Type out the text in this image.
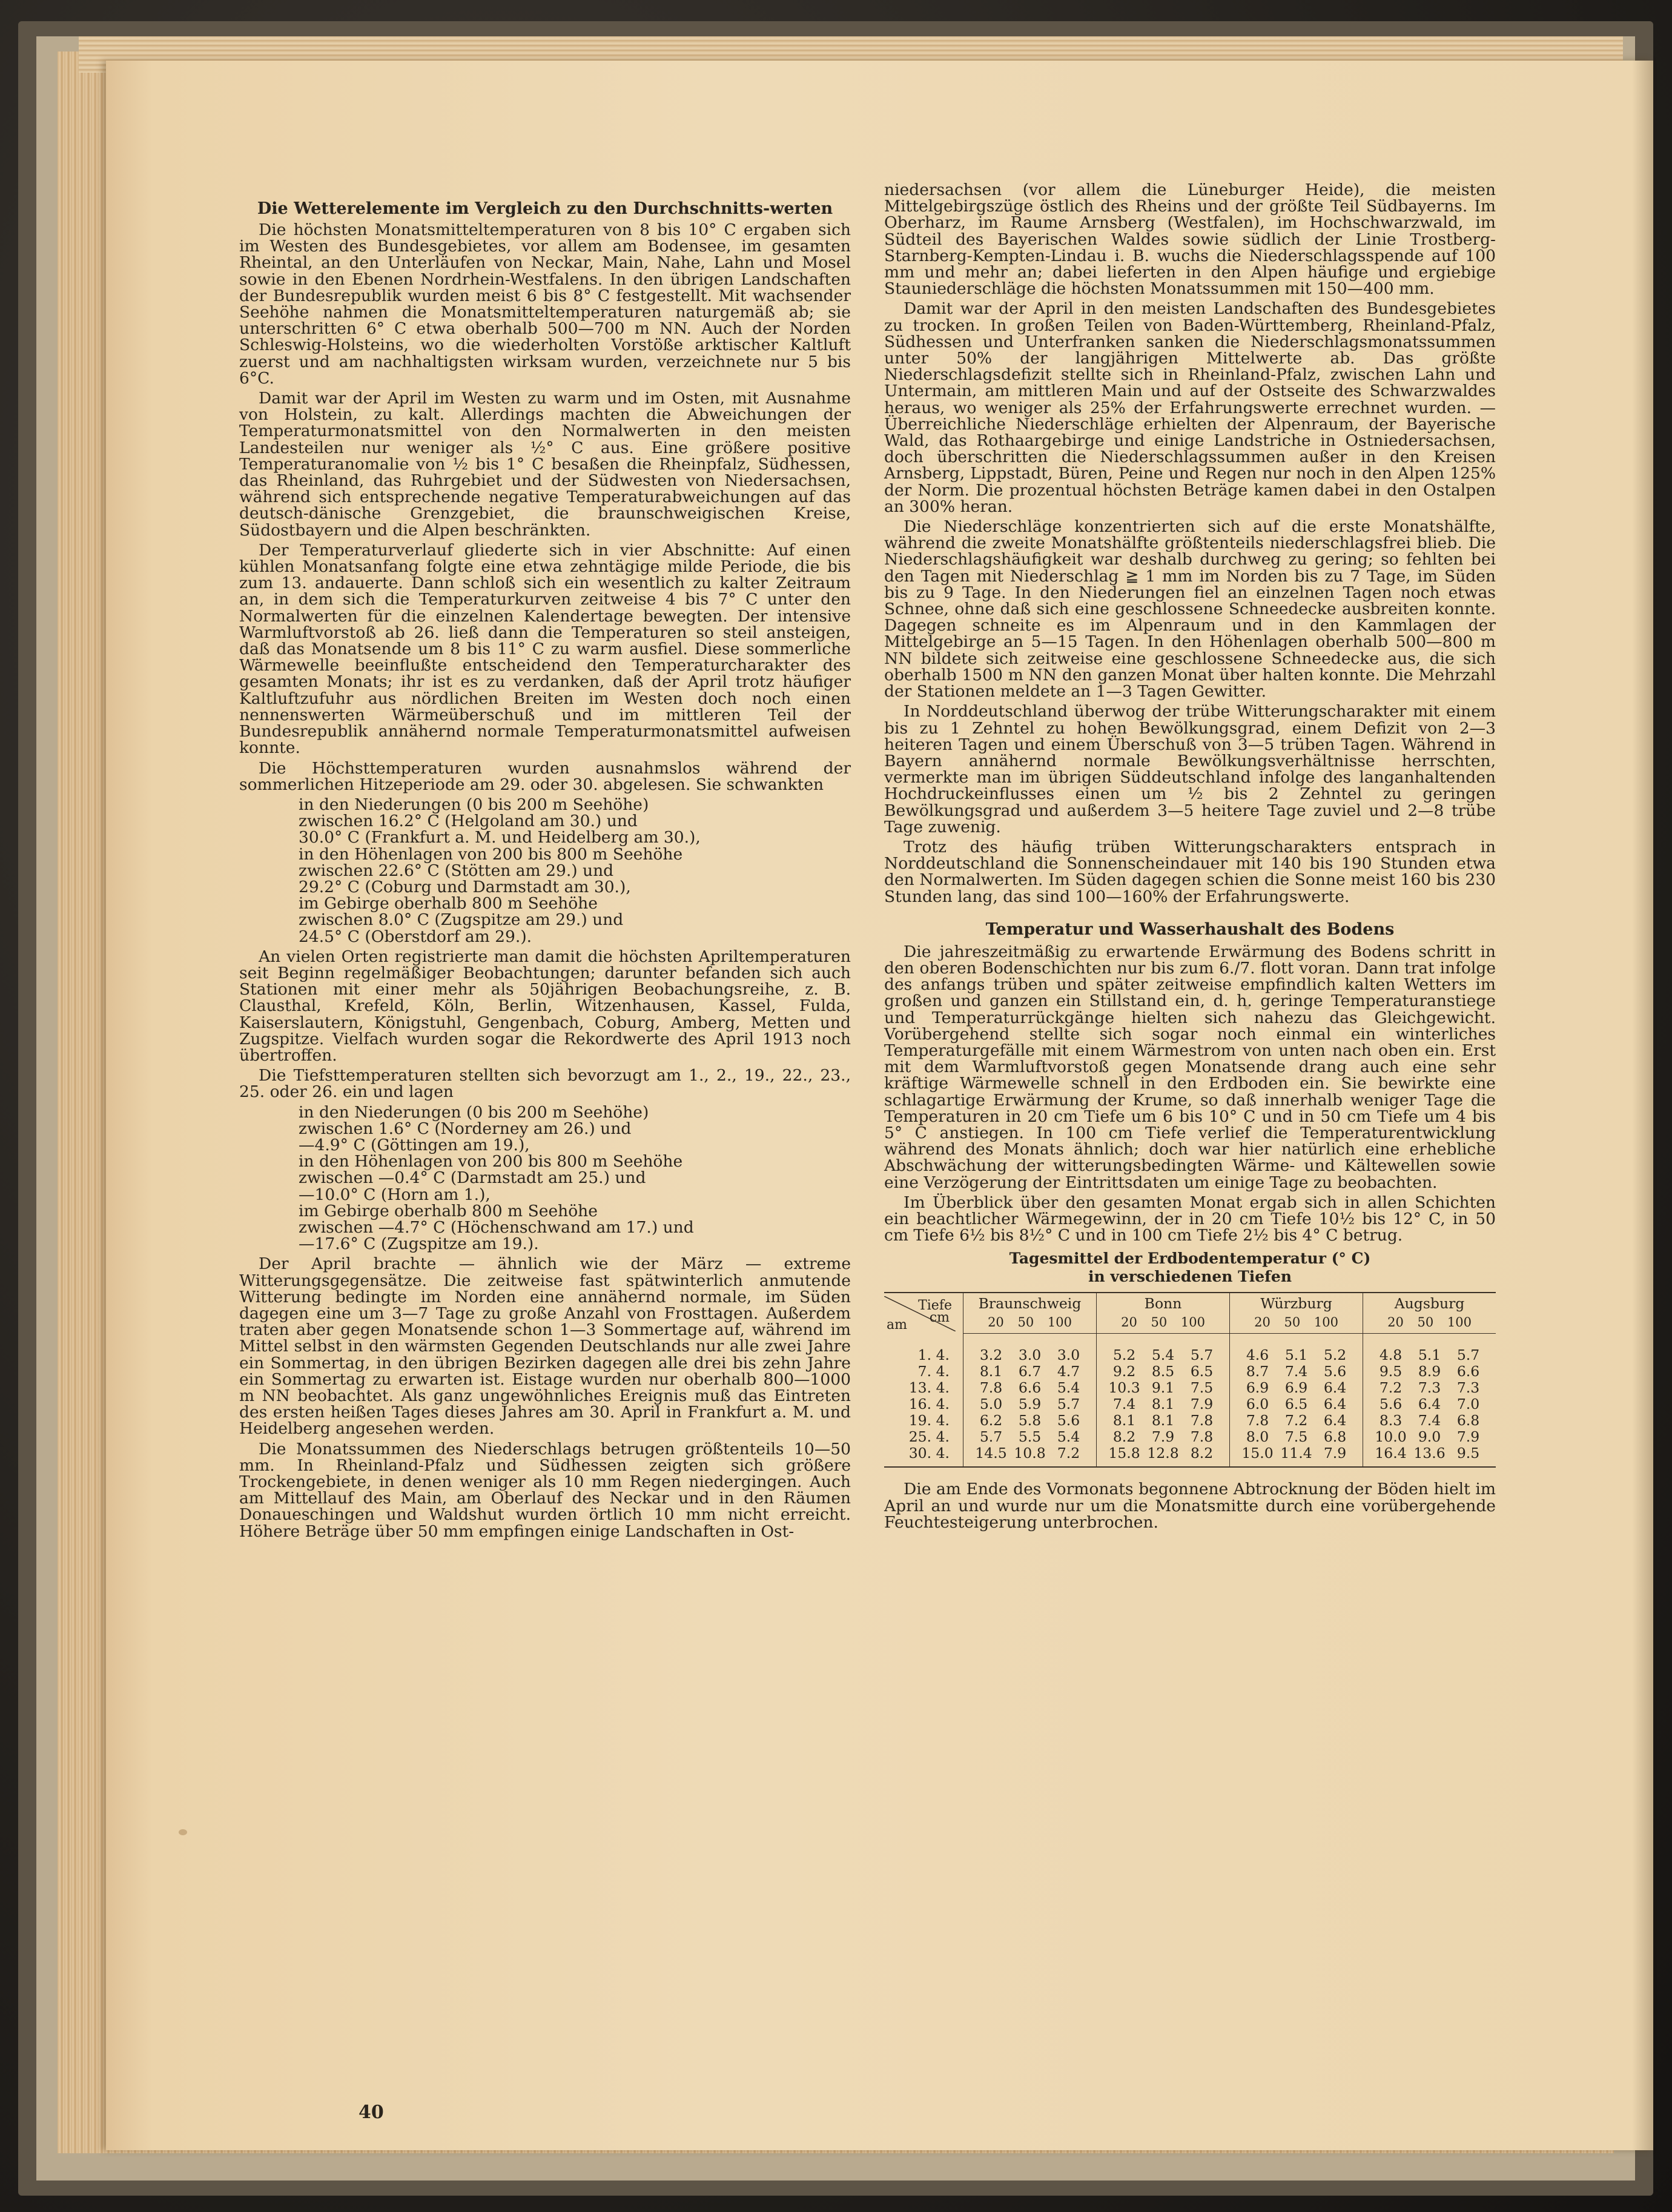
Die Wetterelemente im Vergleich zu den Durchschnitts-werten

Die höchsten Monatsmitteltemperaturen von 8 bis 10° C ergaben sich im Westen des Bundesgebietes, vor allem am Bodensee, im gesamten Rheintal, an den Unterläufen von Neckar, Main, Nahe, Lahn und Mosel sowie in den Ebenen Nordrhein-Westfalens. In den übrigen Landschaften der Bundesrepublik wurden meist 6 bis 8° C festgestellt. Mit wachsender Seehöhe nahmen die Monatsmitteltemperaturen naturgemäß ab; sie unterschritten 6° C etwa oberhalb 500—700 m NN. Auch der Norden Schleswig-Holsteins, wo die wiederholten Vorstöße arktischer Kaltluft zuerst und am nachhaltigsten wirksam wurden, verzeichnete nur 5 bis 6°C.

Damit war der April im Westen zu warm und im Osten, mit Ausnahme von Holstein, zu kalt. Allerdings machten die Abweichungen der Temperaturmonatsmittel von den Normalwerten in den meisten Landesteilen nur weniger als ½° C aus. Eine größere positive Temperaturanomalie von ½ bis 1° C besaßen die Rheinpfalz, Südhessen, das Rheinland, das Ruhrgebiet und der Südwesten von Niedersachsen, während sich entsprechende negative Temperaturabweichungen auf das deutsch-dänische Grenzgebiet, die braunschweigischen Kreise, Südostbayern und die Alpen beschränkten.

Der Temperaturverlauf gliederte sich in vier Abschnitte: Auf einen kühlen Monatsanfang folgte eine etwa zehntägige milde Periode, die bis zum 13. andauerte. Dann schloß sich ein wesentlich zu kalter Zeitraum an, in dem sich die Temperaturkurven zeitweise 4 bis 7° C unter den Normalwerten für die einzelnen Kalendertage bewegten. Der intensive Warmluftvorstoß ab 26. ließ dann die Temperaturen so steil ansteigen, daß das Monatsende um 8 bis 11° C zu warm ausfiel. Diese sommerliche Wärmewelle beeinflußte entscheidend den Temperaturcharakter des gesamten Monats; ihr ist es zu verdanken, daß der April trotz häufiger Kaltluftzufuhr aus nördlichen Breiten im Westen doch noch einen nennenswerten Wärmeüberschuß und im mittleren Teil der Bundesrepublik annähernd normale Temperaturmonatsmittel aufweisen konnte.

Die Höchsttemperaturen wurden ausnahmslos während der sommerlichen Hitzeperiode am 29. oder 30. abgelesen. Sie schwankten

in den Niederungen (0 bis 200 m Seehöhe)
zwischen 16.2° C (Helgoland am 30.) und
30.0° C (Frankfurt a. M. und Heidelberg am 30.),
in den Höhenlagen von 200 bis 800 m Seehöhe
zwischen 22.6° C (Stötten am 29.) und
29.2° C (Coburg und Darmstadt am 30.),
im Gebirge oberhalb 800 m Seehöhe
zwischen 8.0° C (Zugspitze am 29.) und
24.5° C (Oberstdorf am 29.).

An vielen Orten registrierte man damit die höchsten Apriltemperaturen seit Beginn regelmäßiger Beobachtungen; darunter befanden sich auch Stationen mit einer mehr als 50jährigen Beobachungsreihe, z. B. Clausthal, Krefeld, Köln, Berlin, Witzenhausen, Kassel, Fulda, Kaiserslautern, Königstuhl, Gengenbach, Coburg, Amberg, Metten und Zugspitze. Vielfach wurden sogar die Rekordwerte des April 1913 noch übertroffen.

Die Tiefsttemperaturen stellten sich bevorzugt am 1., 2., 19., 22., 23., 25. oder 26. ein und lagen

in den Niederungen (0 bis 200 m Seehöhe)
zwischen 1.6° C (Norderney am 26.) und
—4.9° C (Göttingen am 19.),
in den Höhenlagen von 200 bis 800 m Seehöhe
zwischen —0.4° C (Darmstadt am 25.) und
—10.0° C (Horn am 1.),
im Gebirge oberhalb 800 m Seehöhe
zwischen —4.7° C (Höchenschwand am 17.) und
—17.6° C (Zugspitze am 19.).

Der April brachte — ähnlich wie der März — extreme Witterungsgegensätze. Die zeitweise fast spätwinterlich anmutende Witterung bedingte im Norden eine annähernd normale, im Süden dagegen eine um 3—7 Tage zu große Anzahl von Frosttagen. Außerdem traten aber gegen Monatsende schon 1—3 Sommertage auf, während im Mittel selbst in den wärmsten Gegenden Deutschlands nur alle zwei Jahre ein Sommertag, in den übrigen Bezirken dagegen alle drei bis zehn Jahre ein Sommertag zu erwarten ist. Eistage wurden nur oberhalb 800—1000 m NN beobachtet. Als ganz ungewöhnliches Ereignis muß das Eintreten des ersten heißen Tages dieses Jahres am 30. April in Frankfurt a. M. und Heidelberg angesehen werden.

Die Monatssummen des Niederschlags betrugen größtenteils 10—50 mm. In Rheinland-Pfalz und Südhessen zeigten sich größere Trockengebiete, in denen weniger als 10 mm Regen niedergingen. Auch am Mittellauf des Main, am Oberlauf des Neckar und in den Räumen Donaueschingen und Waldshut wurden örtlich 10 mm nicht erreicht. Höhere Beträge über 50 mm empfingen einige Landschaften in Ost-

niedersachsen (vor allem die Lüneburger Heide), die meisten Mittelgebirgszüge östlich des Rheins und der größte Teil Südbayerns. Im Oberharz, im Raume Arnsberg (Westfalen), im Hochschwarzwald, im Südteil des Bayerischen Waldes sowie südlich der Linie Trostberg-Starnberg-Kempten-Lindau i. B. wuchs die Niederschlagsspende auf 100 mm und mehr an; dabei lieferten in den Alpen häufige und ergiebige Stauniederschläge die höchsten Monatssummen mit 150—400 mm.

Damit war der April in den meisten Landschaften des Bundesgebietes zu trocken. In großen Teilen von Baden-Württemberg, Rheinland-Pfalz, Südhessen und Unterfranken sanken die Niederschlagsmonatssummen unter 50% der langjährigen Mittelwerte ab. Das größte Niederschlagsdefizit stellte sich in Rheinland-Pfalz, zwischen Lahn und Untermain, am mittleren Main und auf der Ostseite des Schwarzwaldes heraus, wo weniger als 25% der Erfahrungswerte errechnet wurden. — Überreichliche Niederschläge erhielten der Alpenraum, der Bayerische Wald, das Rothaargebirge und einige Landstriche in Ostniedersachsen, doch überschritten die Niederschlagssummen außer in den Kreisen Arnsberg, Lippstadt, Büren, Peine und Regen nur noch in den Alpen 125% der Norm. Die prozentual höchsten Beträge kamen dabei in den Ostalpen an 300% heran.

Die Niederschläge konzentrierten sich auf die erste Monatshälfte, während die zweite Monatshälfte größtenteils niederschlagsfrei blieb. Die Niederschlagshäufigkeit war deshalb durchweg zu gering; so fehlten bei den Tagen mit Niederschlag ≧ 1 mm im Norden bis zu 7 Tage, im Süden bis zu 9 Tage. In den Niederungen fiel an einzelnen Tagen noch etwas Schnee, ohne daß sich eine geschlossene Schneedecke ausbreiten konnte. Dagegen schneite es im Alpenraum und in den Kammlagen der Mittelgebirge an 5—15 Tagen. In den Höhenlagen oberhalb 500—800 m NN bildete sich zeitweise eine geschlossene Schneedecke aus, die sich oberhalb 1500 m NN den ganzen Monat über halten konnte. Die Mehrzahl der Stationen meldete an 1—3 Tagen Gewitter.

In Norddeutschland überwog der trübe Witterungscharakter mit einem bis zu 1 Zehntel zu hohen Bewölkungsgrad, einem Defizit von 2—3 heiteren Tagen und einem Überschuß von 3—5 trüben Tagen. Während in Bayern annähernd normale Bewölkungsverhältnisse herrschten, vermerkte man im übrigen Süddeutschland infolge des langanhaltenden Hochdruckeinflusses einen um ½ bis 2 Zehntel zu geringen Bewölkungsgrad und außerdem 3—5 heitere Tage zuviel und 2—8 trübe Tage zuwenig.

Trotz des häufig trüben Witterungscharakters entsprach in Norddeutschland die Sonnenscheindauer mit 140 bis 190 Stunden etwa den Normalwerten. Im Süden dagegen schien die Sonne meist 160 bis 230 Stunden lang, das sind 100—160% der Erfahrungswerte.

Temperatur und Wasserhaushalt des Bodens

Die jahreszeitmäßig zu erwartende Erwärmung des Bodens schritt in den oberen Bodenschichten nur bis zum 6./7. flott voran. Dann trat infolge des anfangs trüben und später zeitweise empfindlich kalten Wetters im großen und ganzen ein Stillstand ein, d. h. geringe Temperaturanstiege und Temperaturrückgänge hielten sich nahezu das Gleichgewicht. Vorübergehend stellte sich sogar noch einmal ein winterliches Temperaturgefälle mit einem Wärmestrom von unten nach oben ein. Erst mit dem Warmluftvorstoß gegen Monatsende drang auch eine sehr kräftige Wärmewelle schnell in den Erdboden ein. Sie bewirkte eine schlagartige Erwärmung der Krume, so daß innerhalb weniger Tage die Temperaturen in 20 cm Tiefe um 6 bis 10° C und in 50 cm Tiefe um 4 bis 5° C anstiegen. In 100 cm Tiefe verlief die Temperaturentwicklung während des Monats ähnlich; doch war hier natürlich eine erhebliche Abschwächung der witterungsbedingten Wärme- und Kältewellen sowie eine Verzögerung der Eintrittsdaten um einige Tage zu beobachten.

Im Überblick über den gesamten Monat ergab sich in allen Schichten ein beachtlicher Wärmegewinn, der in 20 cm Tiefe 10½ bis 12° C, in 50 cm Tiefe 6½ bis 8½° C und in 100 cm Tiefe 2½ bis 4° C betrug.

Tagesmittel der Erdbodentemperatur (° C)
in verschiedenen Tiefen
Tiefe
cm
am	Braunschweig	Bonn	Würzburg	Augsburg
	20 50 100	20 50 100	20 50 100	20 50 100
1. 4.	3.2 3.0 3.0	5.2 5.4 5.7	4.6 5.1 5.2	4.8 5.1 5.7
7. 4.	8.1 6.7 4.7	9.2 8.5 6.5	8.7 7.4 5.6	9.5 8.9 6.6
13. 4.	7.8 6.6 5.4	10.3 9.1 7.5	6.9 6.9 6.4	7.2 7.3 7.3
16. 4.	5.0 5.9 5.7	7.4 8.1 7.9	6.0 6.5 6.4	5.6 6.4 7.0
19. 4.	6.2 5.8 5.6	8.1 8.1 7.8	7.8 7.2 6.4	8.3 7.4 6.8
25. 4.	5.7 5.5 5.4	8.2 7.9 7.8	8.0 7.5 6.8	10.0 9.0 7.9
30. 4.	14.5 10.8 7.2	15.8 12.8 8.2	15.0 11.4 7.9	16.4 13.6 9.5

Die am Ende des Vormonats begonnene Abtrocknung der Böden hielt im April an und wurde nur um die Monatsmitte durch eine vorübergehende Feuchtesteigerung unterbrochen.

40
